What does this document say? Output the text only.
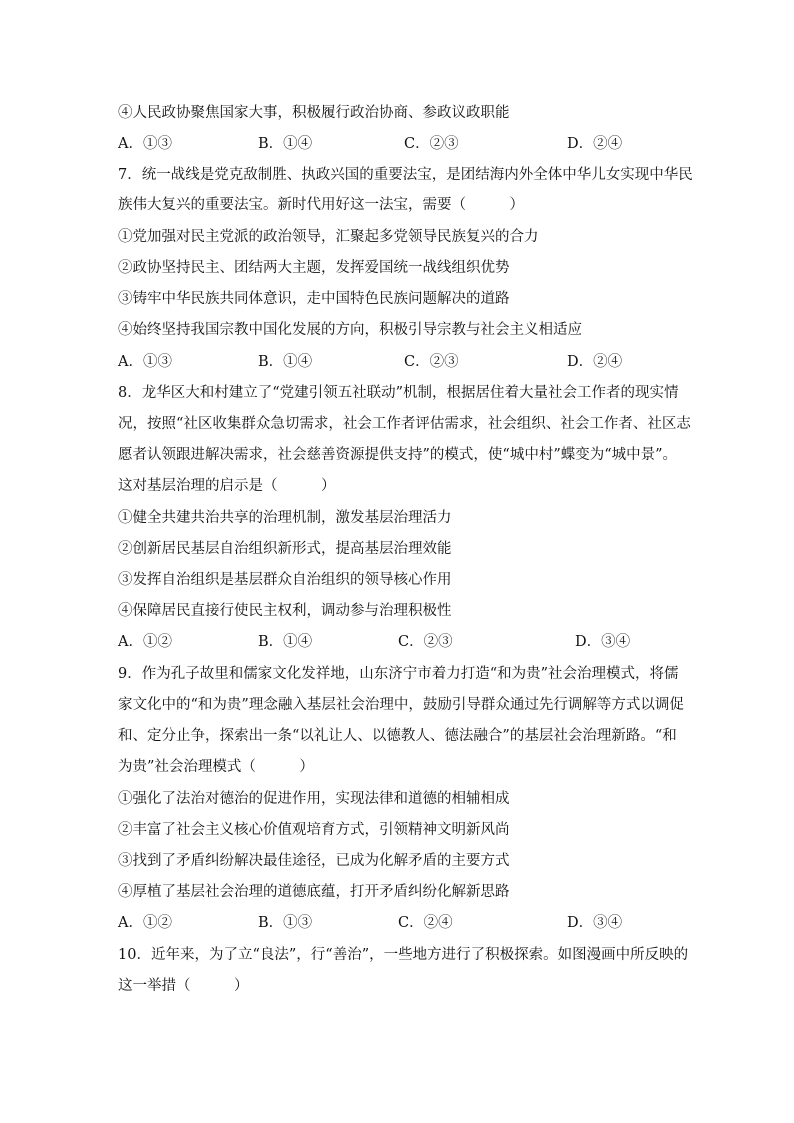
④人民政协聚焦国家大事，积极履行政治协商、参政议政职能
A．①③	B．①④	C．②③	D．②④
7．统一战线是党克敌制胜、执政兴国的重要法宝，是团结海内外全体中华儿女实现中华民
族伟大复兴的重要法宝。新时代用好这一法宝，需要（　　　）
①党加强对民主党派的政治领导，汇聚起多党领导民族复兴的合力
②政协坚持民主、团结两大主题，发挥爱国统一战线组织优势
③铸牢中华民族共同体意识，走中国特色民族问题解决的道路
④始终坚持我国宗教中国化发展的方向，积极引导宗教与社会主义相适应
A．①③	B．①④	C．②③	D．②④
8．龙华区大和村建立了“党建引领五社联动”机制，根据居住着大量社会工作者的现实情
况，按照“社区收集群众急切需求，社会工作者评估需求，社会组织、社会工作者、社区志
愿者认领跟进解决需求，社会慈善资源提供支持”的模式，使“城中村”蝶变为“城中景”。
这对基层治理的启示是（　　　）
①健全共建共治共享的治理机制，激发基层治理活力
②创新居民基层自治组织新形式，提高基层治理效能
③发挥自治组织是基层群众自治组织的领导核心作用
④保障居民直接行使民主权利，调动参与治理积极性
A．①②	B．①④	C．②③	D．③④
9．作为孔子故里和儒家文化发祥地，山东济宁市着力打造“和为贵”社会治理模式，将儒
家文化中的“和为贵”理念融入基层社会治理中，鼓励引导群众通过先行调解等方式以调促
和、定分止争，探索出一条“以礼让人、以德教人、德法融合”的基层社会治理新路。“和
为贵”社会治理模式（　　　）
①强化了法治对德治的促进作用，实现法律和道德的相辅相成
②丰富了社会主义核心价值观培育方式，引领精神文明新风尚
③找到了矛盾纠纷解决最佳途径，已成为化解矛盾的主要方式
④厚植了基层社会治理的道德底蕴，打开矛盾纠纷化解新思路
A．①②	B．①③	C．②④	D．③④
10．近年来，为了立“良法”，行“善治”，一些地方进行了积极探索。如图漫画中所反映的
这一举措（　　　）
